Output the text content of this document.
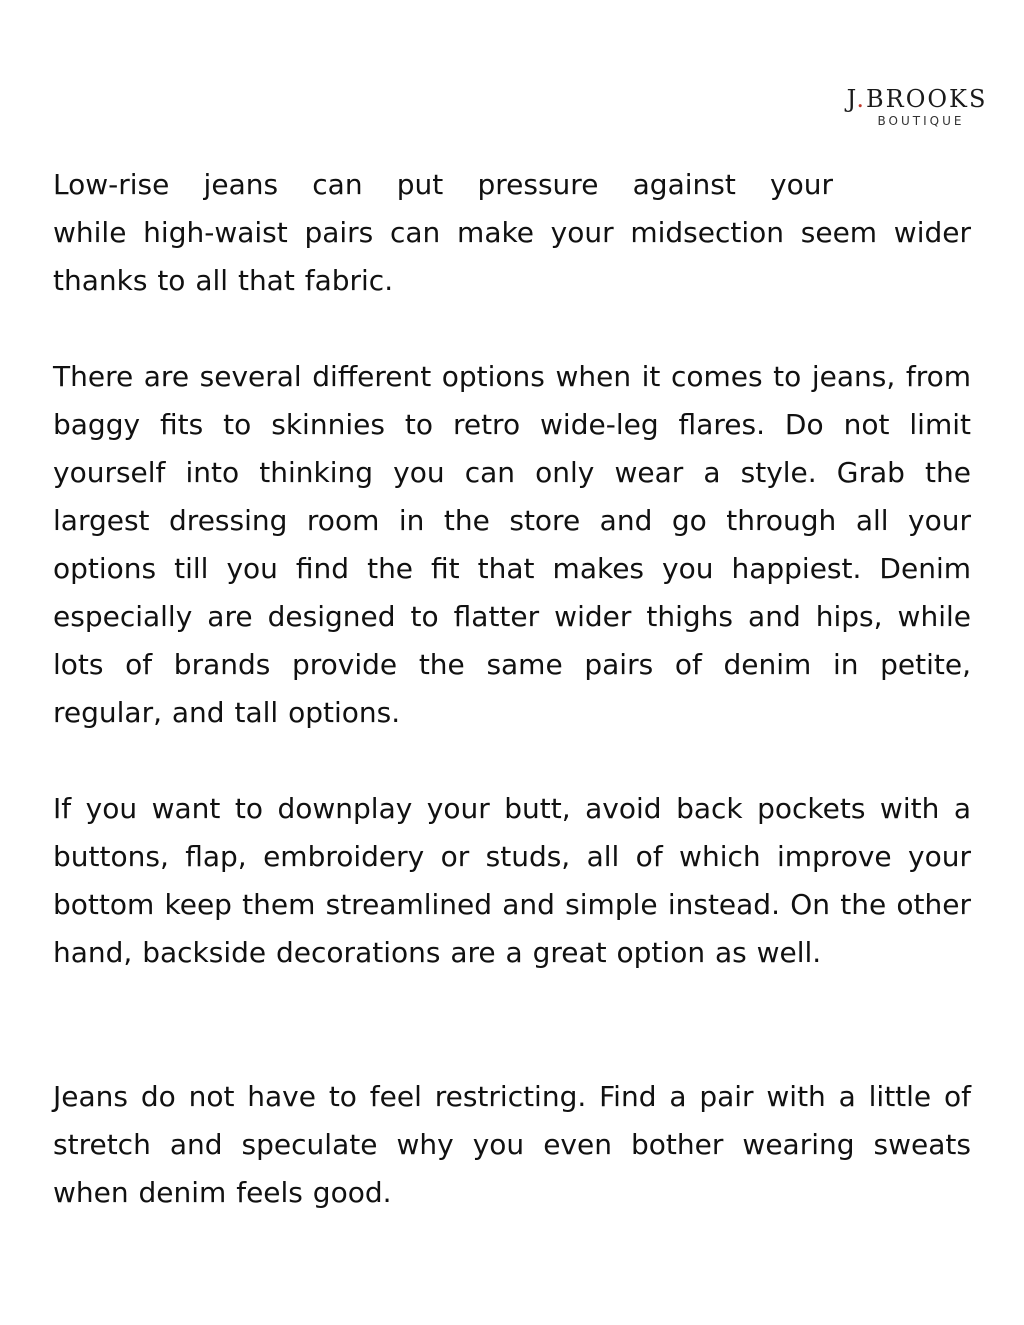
J.BROOKS
BOUTIQUE
Low-rise jeans can put pressure against your

while high-waist pairs can make your midsection seem wider thanks to all that fabric.

There are several different options when it comes to jeans, from baggy fits to skinnies to retro wide-leg flares. Do not limit yourself into thinking you can only wear a style. Grab the largest dressing room in the store and go through all your options till you find the fit that makes you happiest. Denim especially are designed to flatter wider thighs and hips, while lots of brands provide the same pairs of denim in petite, regular, and tall options.

If you want to downplay your butt, avoid back pockets with a buttons, flap, embroidery or studs, all of which improve your bottom keep them streamlined and simple instead. On the other hand, backside decorations are a great option as well.

Jeans do not have to feel restricting. Find a pair with a little of stretch and speculate why you even bother wearing sweats when denim feels good.
